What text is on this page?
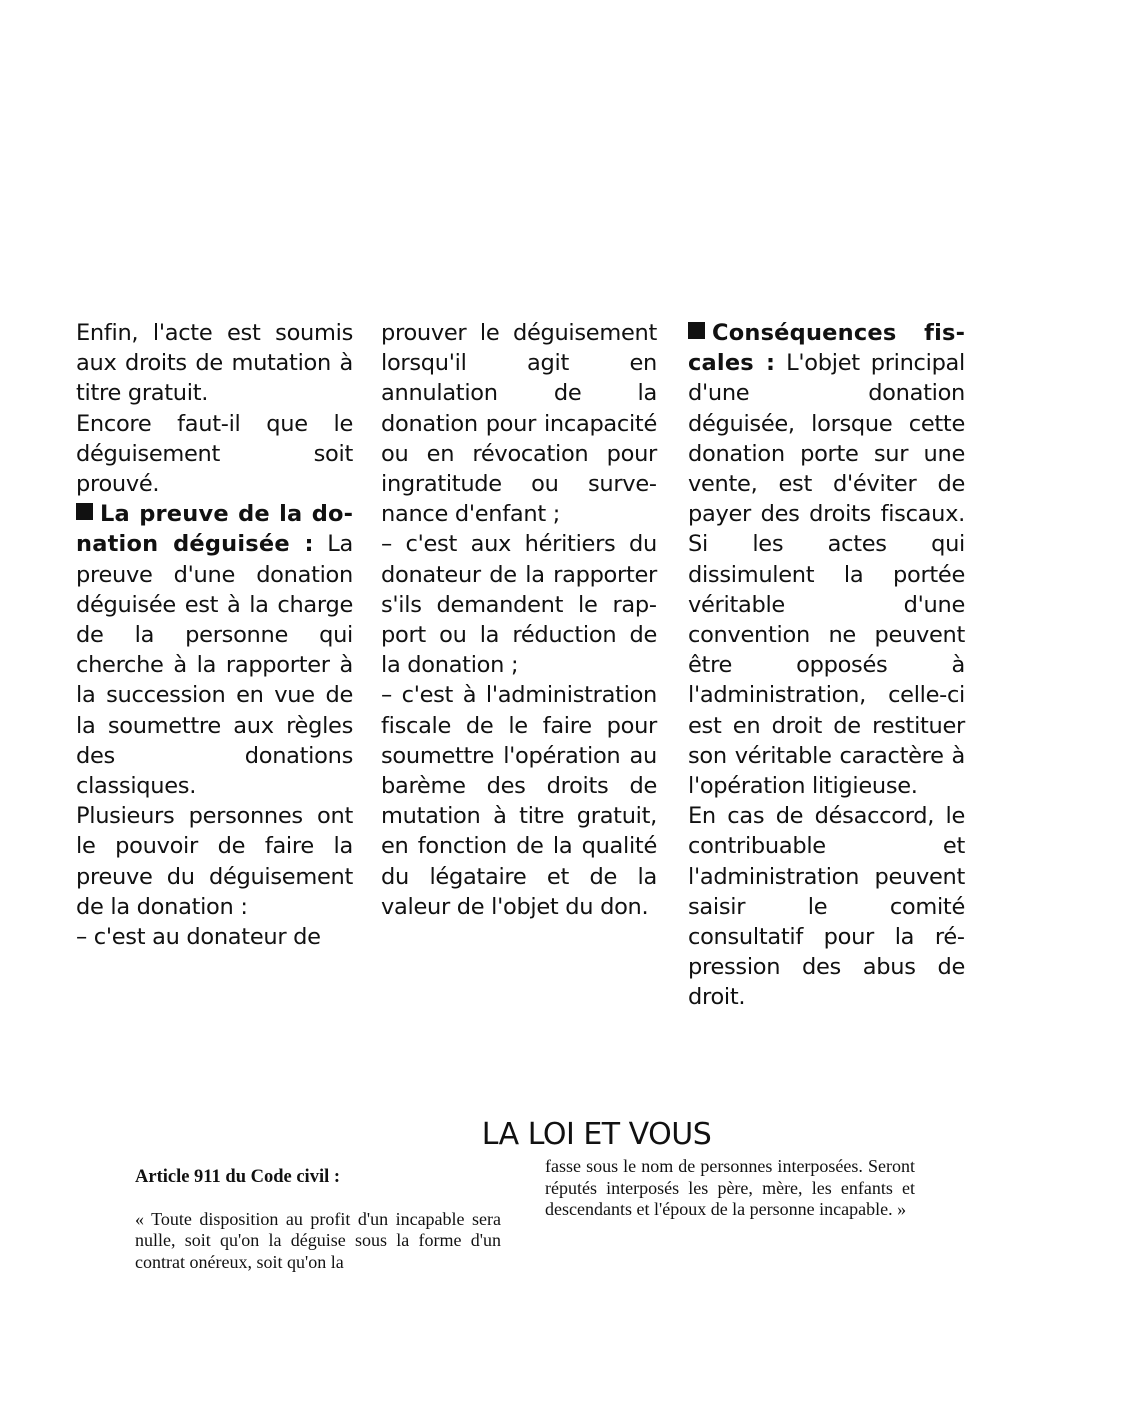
Enfin, l'acte est soumis aux droits de mutation à titre gratuit.

Encore faut-il que le déguisement soit prouvé.

La preuve de la donation déguisée : La preuve d'une donation déguisée est à la charge de la personne qui cherche à la rapporter à la succession en vue de la soumettre aux règles des donations classiques.

Plusieurs personnes ont le pouvoir de faire la preuve du déguisement de la donation :

– c'est au donateur de

prouver le déguisement lorsqu'il agit en annulation de la donation pour incapacité ou en révocation pour ingratitude ou survenance d'enfant ;

– c'est aux héritiers du donateur de la rapporter s'ils demandent le rapport ou la réduction de la donation ;

– c'est à l'administration fiscale de le faire pour soumettre l'opération au barème des droits de mutation à titre gratuit, en fonction de la qualité du légataire et de la valeur de l'objet du don.

Conséquences fiscales : L'objet principal d'une donation déguisée, lorsque cette donation porte sur une vente, est d'éviter de payer des droits fiscaux. Si les actes qui dissimulent la portée véritable d'une convention ne peuvent être opposés à l'administration, celle-ci est en droit de restituer son véritable caractère à l'opération litigieuse.

En cas de désaccord, le contribuable et l'administration peuvent saisir le comité consultatif pour la répression des abus de droit.

LA LOI ET VOUS
Article 911 du Code civil :
« Toute disposition au profit d'un incapable sera nulle, soit qu'on la déguise sous la forme d'un contrat onéreux, soit qu'on la
fasse sous le nom de personnes interposées. Seront réputés interposés les père, mère, les enfants et descendants et l'époux de la personne incapable. »
